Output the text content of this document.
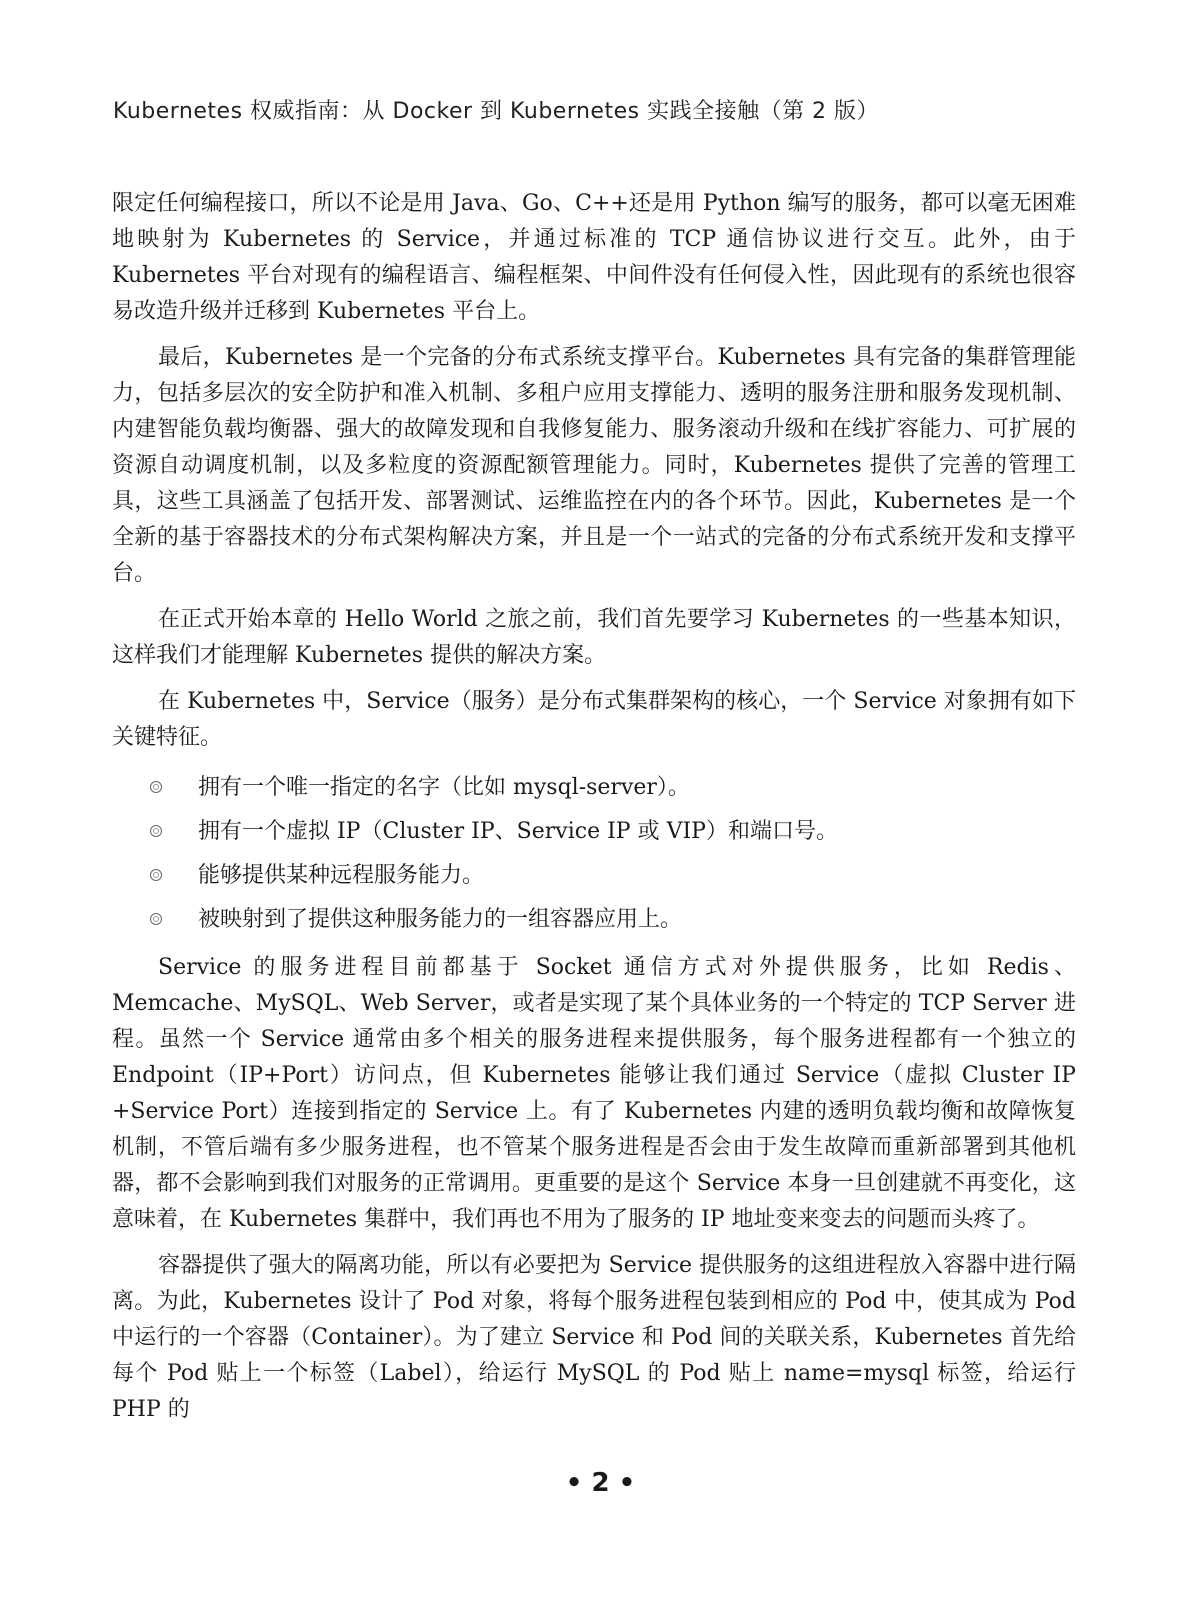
Kubernetes 权威指南：从 Docker 到 Kubernetes 实践全接触（第 2 版）

限定任何编程接口，所以不论是用 Java、Go、C++还是用 Python 编写的服务，都可以毫无困难地映射为 Kubernetes 的 Service，并通过标准的 TCP 通信协议进行交互。此外，由于 Kubernetes 平台对现有的编程语言、编程框架、中间件没有任何侵入性，因此现有的系统也很容易改造升级并迁移到 Kubernetes 平台上。

最后，Kubernetes 是一个完备的分布式系统支撑平台。Kubernetes 具有完备的集群管理能力，包括多层次的安全防护和准入机制、多租户应用支撑能力、透明的服务注册和服务发现机制、内建智能负载均衡器、强大的故障发现和自我修复能力、服务滚动升级和在线扩容能力、可扩展的资源自动调度机制，以及多粒度的资源配额管理能力。同时，Kubernetes 提供了完善的管理工具，这些工具涵盖了包括开发、部署测试、运维监控在内的各个环节。因此，Kubernetes 是一个全新的基于容器技术的分布式架构解决方案，并且是一个一站式的完备的分布式系统开发和支撑平台。

在正式开始本章的 Hello World 之旅之前，我们首先要学习 Kubernetes 的一些基本知识，这样我们才能理解 Kubernetes 提供的解决方案。

在 Kubernetes 中，Service（服务）是分布式集群架构的核心，一个 Service 对象拥有如下关键特征。

拥有一个唯一指定的名字（比如 mysql-server）。
拥有一个虚拟 IP（Cluster IP、Service IP 或 VIP）和端口号。
能够提供某种远程服务能力。
被映射到了提供这种服务能力的一组容器应用上。

Service 的服务进程目前都基于 Socket 通信方式对外提供服务，比如 Redis、Memcache、MySQL、Web Server，或者是实现了某个具体业务的一个特定的 TCP Server 进程。虽然一个 Service 通常由多个相关的服务进程来提供服务，每个服务进程都有一个独立的 Endpoint（IP+Port）访问点，但 Kubernetes 能够让我们通过 Service（虚拟 Cluster IP +Service Port）连接到指定的 Service 上。有了 Kubernetes 内建的透明负载均衡和故障恢复机制，不管后端有多少服务进程，也不管某个服务进程是否会由于发生故障而重新部署到其他机器，都不会影响到我们对服务的正常调用。更重要的是这个 Service 本身一旦创建就不再变化，这意味着，在 Kubernetes 集群中，我们再也不用为了服务的 IP 地址变来变去的问题而头疼了。

容器提供了强大的隔离功能，所以有必要把为 Service 提供服务的这组进程放入容器中进行隔离。为此，Kubernetes 设计了 Pod 对象，将每个服务进程包装到相应的 Pod 中，使其成为 Pod 中运行的一个容器（Container）。为了建立 Service 和 Pod 间的关联关系，Kubernetes 首先给每个 Pod 贴上一个标签（Label），给运行 MySQL 的 Pod 贴上 name=mysql 标签，给运行 PHP 的

• 2 •
